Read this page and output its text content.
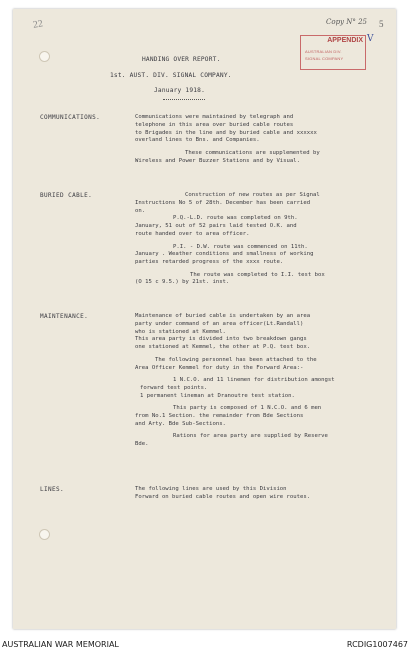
22	Copy N° 25 5
APPENDIX
AUSTRALIAN DIV.
SIGNAL COMPANY
V
HANDING OVER REPORT.
1st. AUST. DIV. SIGNAL COMPANY.
January 1918.
COMMUNICATIONS.	Communications were maintained by telegraph and
telephone in this area over buried cable routes
to Brigades in the line and by buried cable and xxxxxx
overland lines to Bns. and Companies.
These communications are supplemented by
Wireless and Power Buzzer Stations and by Visual.
BURIED CABLE.	Construction of new routes as per Signal
Instructions No 5 of 28th. December has been carried
on.
P.Q.-L.D. route was completed on 9th.
January, 51 out of 52 pairs laid tested O.K. and
route handed over to area officer.
P.I. - D.W. route was commenced on 11th.
January . Weather conditions and smallness of working
parties retarded progress of the xxxx route.
The route was completed to I.I. test box
(O 15 c 9.5.) by 21st. inst.
MAINTENANCE.	Maintenance of buried cable is undertaken by an area
party under command of an area officer(Lt.Randall)
who is stationed at Kemmel.
This area party is divided into two breakdown gangs
one stationed at Kemmel, the other at P.Q. test box.
The following personnel has been attached to the
Area Officer Kemmel for duty in the Forward Area:-
1 N.C.O. and 11 linemen for distribution amongst
forward test points.
1 permanent lineman at Dranoutre test station.
This party is composed of 1 N.C.O. and 6 men
from No.1 Section. the remainder from Bde Sections
and Arty. Bde Sub-Sections.
Rations for area party are supplied by Reserve
Bde.
LINES.	The following lines are used by this Division
Forward on buried cable routes and open wire routes.
AUSTRALIAN WAR MEMORIAL	RCDIG1007467
